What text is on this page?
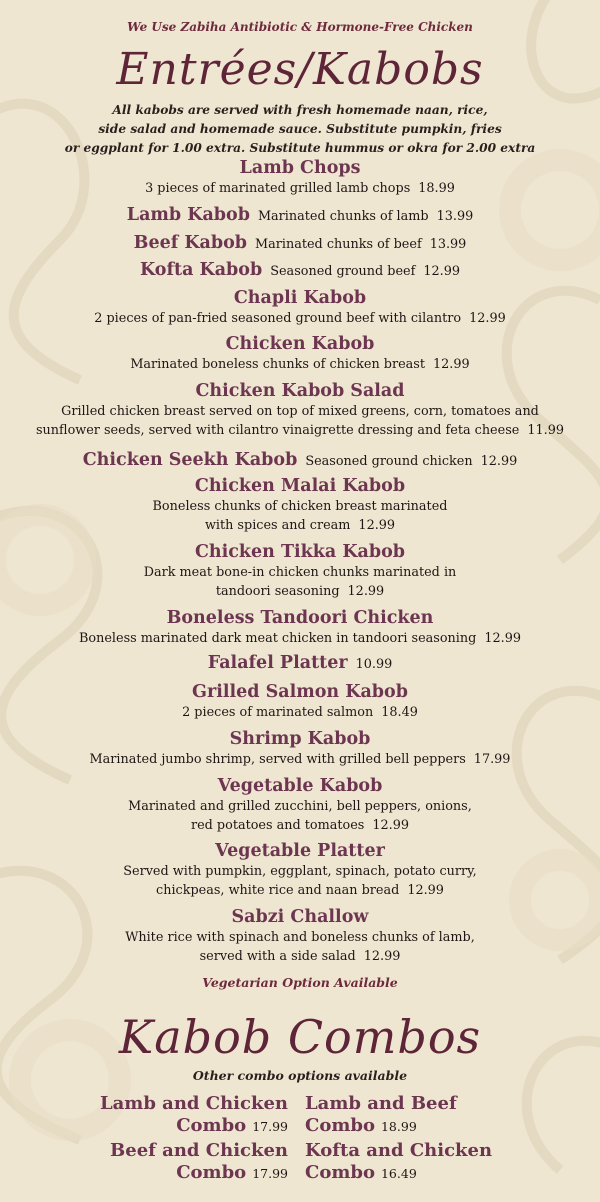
We Use Zabiha Antibiotic & Hormone-Free Chicken
Entrées/Kabobs
All kabobs are served with fresh homemade naan, rice,
side salad and homemade sauce. Substitute pumpkin, fries
or eggplant for 1.00 extra. Substitute hummus or okra for 2.00 extra
Lamb Chops
3 pieces of marinated grilled lamb chops 18.99
Lamb Kabob Marinated chunks of lamb 13.99
Beef Kabob Marinated chunks of beef 13.99
Kofta Kabob Seasoned ground beef 12.99
Chapli Kabob
2 pieces of pan-fried seasoned ground beef with cilantro 12.99
Chicken Kabob
Marinated boneless chunks of chicken breast 12.99
Chicken Kabob Salad
Grilled chicken breast served on top of mixed greens, corn, tomatoes and
sunflower seeds, served with cilantro vinaigrette dressing and feta cheese 11.99
Chicken Seekh Kabob Seasoned ground chicken 12.99
Chicken Malai Kabob
Boneless chunks of chicken breast marinated
with spices and cream 12.99
Chicken Tikka Kabob
Dark meat bone-in chicken chunks marinated in
tandoori seasoning 12.99
Boneless Tandoori Chicken
Boneless marinated dark meat chicken in tandoori seasoning 12.99
Falafel Platter 10.99
Grilled Salmon Kabob
2 pieces of marinated salmon 18.49
Shrimp Kabob
Marinated jumbo shrimp, served with grilled bell peppers 17.99
Vegetable Kabob
Marinated and grilled zucchini, bell peppers, onions,
red potatoes and tomatoes 12.99
Vegetable Platter
Served with pumpkin, eggplant, spinach, potato curry,
chickpeas, white rice and naan bread 12.99
Sabzi Challow
White rice with spinach and boneless chunks of lamb,
served with a side salad 12.99
Vegetarian Option Available
Kabob Combos
Other combo options available
Lamb and Chicken
Combo 17.99
Lamb and Beef
Combo 18.99
Beef and Chicken
Combo 17.99
Kofta and Chicken
Combo 16.49
